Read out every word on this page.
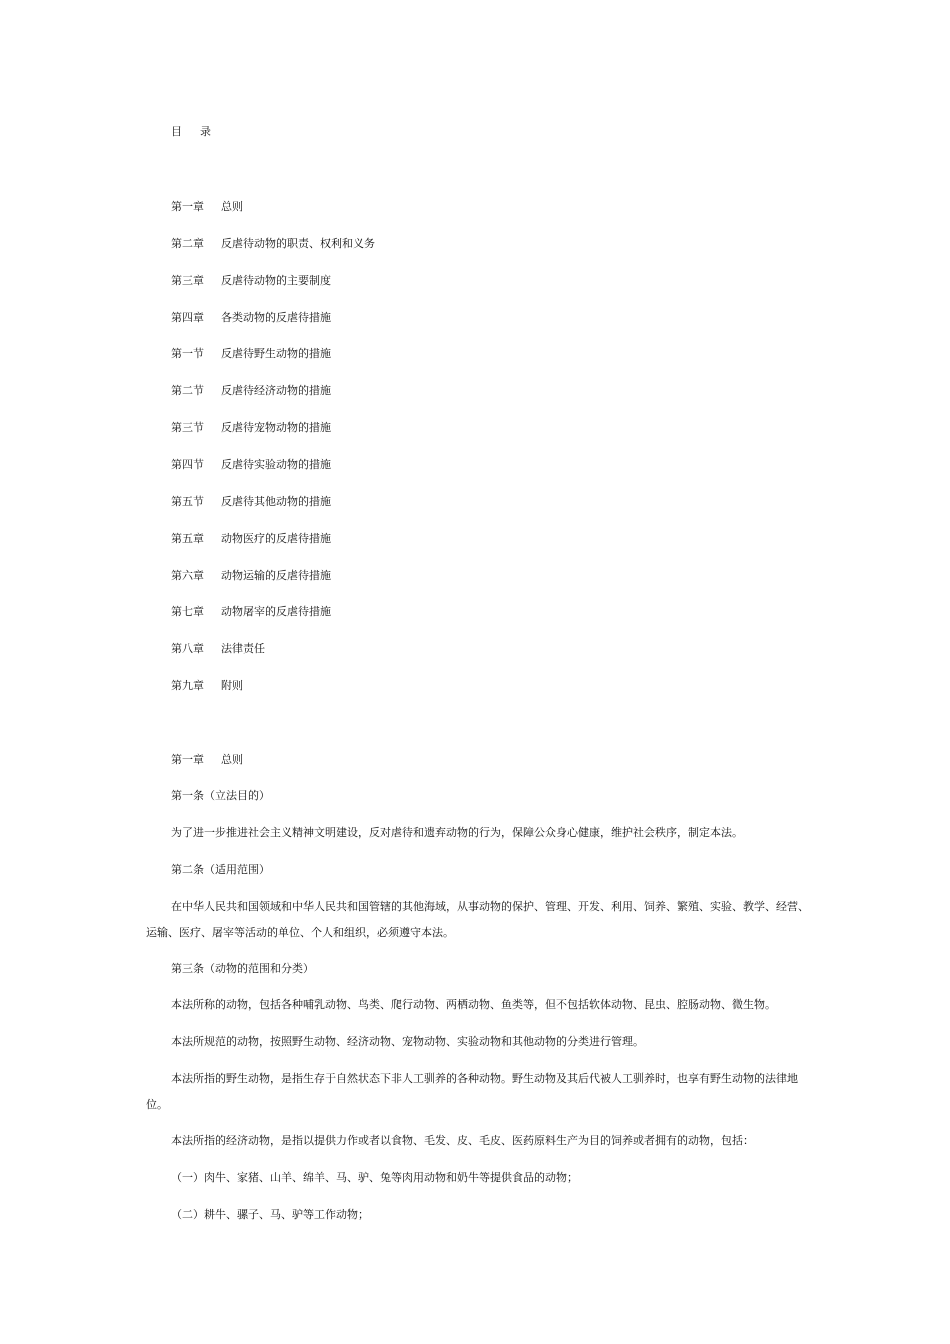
目 录
第一章 总则
第二章 反虐待动物的职责、权利和义务
第三章 反虐待动物的主要制度
第四章 各类动物的反虐待措施
第一节 反虐待野生动物的措施
第二节 反虐待经济动物的措施
第三节 反虐待宠物动物的措施
第四节 反虐待实验动物的措施
第五节 反虐待其他动物的措施
第五章 动物医疗的反虐待措施
第六章 动物运输的反虐待措施
第七章 动物屠宰的反虐待措施
第八章 法律责任
第九章 附则
第一章 总则
第一条（立法目的）
为了进一步推进社会主义精神文明建设，反对虐待和遗弃动物的行为，保障公众身心健康，维护社会秩序，制定本法。
第二条（适用范围）
在中华人民共和国领域和中华人民共和国管辖的其他海域，从事动物的保护、管理、开发、利用、饲养、繁殖、实验、教学、经营、
运输、医疗、屠宰等活动的单位、个人和组织，必须遵守本法。
第三条（动物的范围和分类）
本法所称的动物，包括各种哺乳动物、鸟类、爬行动物、两栖动物、鱼类等，但不包括软体动物、昆虫、腔肠动物、微生物。
本法所规范的动物，按照野生动物、经济动物、宠物动物、实验动物和其他动物的分类进行管理。
本法所指的野生动物，是指生存于自然状态下非人工驯养的各种动物。野生动物及其后代被人工驯养时，也享有野生动物的法律地
位。
本法所指的经济动物，是指以提供力作或者以食物、毛发、皮、毛皮、医药原料生产为目的饲养或者拥有的动物，包括：
（一）肉牛、家猪、山羊、绵羊、马、驴、兔等肉用动物和奶牛等提供食品的动物；
（二）耕牛、骡子、马、驴等工作动物；
